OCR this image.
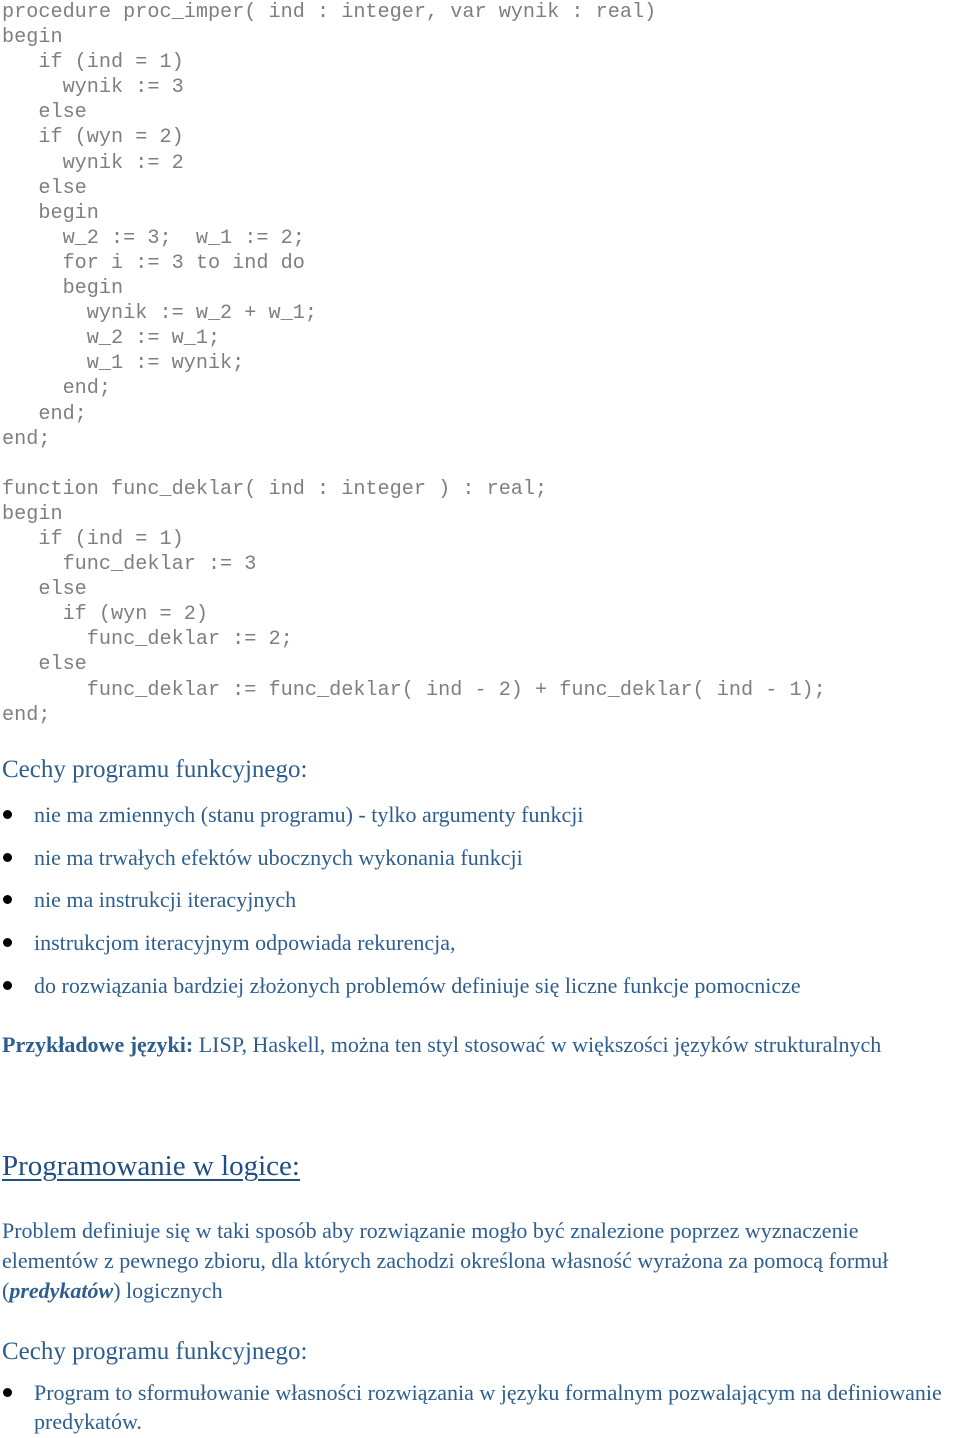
procedure proc_imper( ind : integer, var wynik : real)
begin
if (ind = 1)
wynik := 3
else
if (wyn = 2)
wynik := 2
else
begin
w_2 := 3;  w_1 := 2;
for i := 3 to ind do
begin
wynik := w_2 + w_1;
w_2 := w_1;
w_1 := wynik;
end;
end;
end;
function func_deklar( ind : integer ) : real;
begin
if (ind = 1)
func_deklar := 3
else
if (wyn = 2)
func_deklar := 2;
else
func_deklar := func_deklar( ind - 2) + func_deklar( ind - 1);
end;
Cechy programu funkcyjnego:
nie ma zmiennych (stanu programu) - tylko argumenty funkcji
nie ma trwałych efektów ubocznych wykonania funkcji
nie ma instrukcji iteracyjnych
instrukcjom iteracyjnym odpowiada rekurencja,
do rozwiązania bardziej złożonych problemów definiuje się liczne funkcje pomocnicze

Przykładowe języki: LISP, Haskell, można ten styl stosować w większości języków strukturalnych

Programowanie w logice:

Problem definiuje się w taki sposób aby rozwiązanie mogło być znalezione poprzez wyznaczenie elementów z pewnego zbioru, dla których zachodzi określona własność wyrażona za pomocą formuł (predykatów) logicznych

Cechy programu funkcyjnego:
Program to sformułowanie własności rozwiązania w języku formalnym pozwalającym na definiowanie predykatów.
